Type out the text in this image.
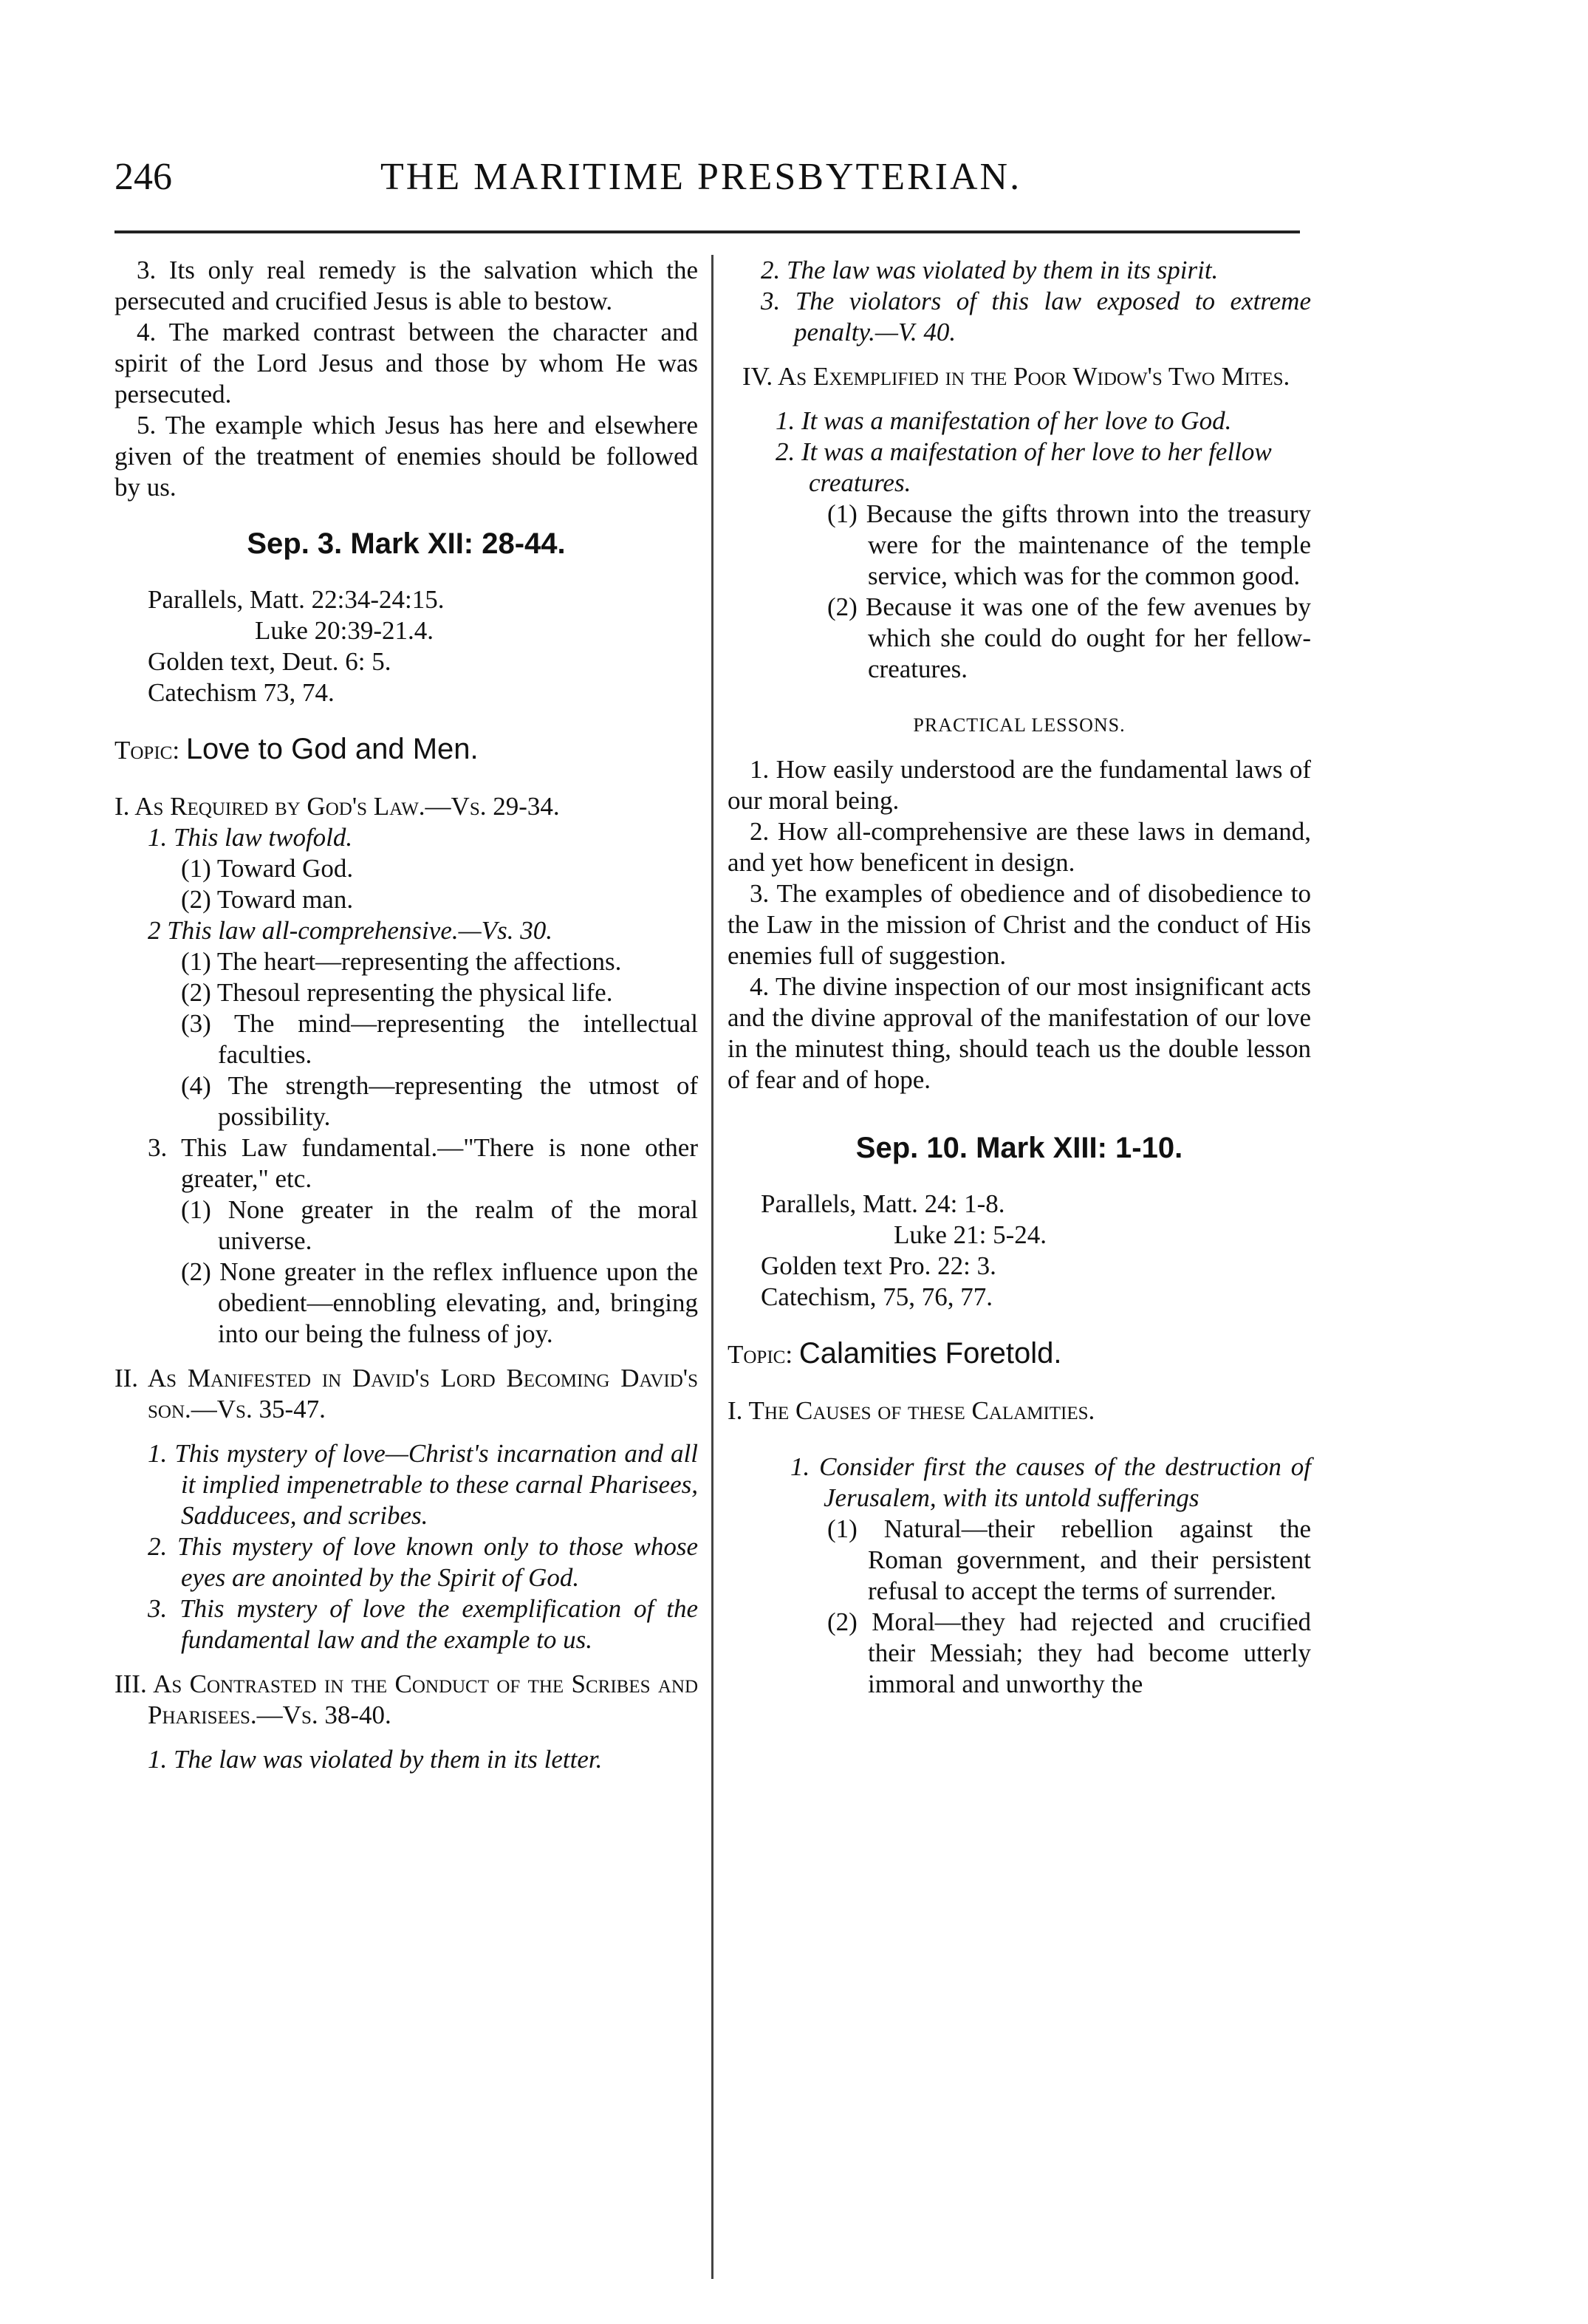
246	THE MARITIME PRESBYTERIAN.

3. Its only real remedy is the salvation which the persecuted and crucified Jesus is able to bestow.

4. The marked contrast between the character and spirit of the Lord Jesus and those by whom He was persecuted.

5. The example which Jesus has here and elsewhere given of the treatment of enemies should be followed by us.

Sep. 3. Mark XII: 28-44.

Parallels, Matt. 22:34-24:15.

Luke 20:39-21.4.

Golden text, Deut. 6: 5.

Catechism 73, 74.

Topic: Love to God and Men.

I. As Required by God's Law.—Vs. 29-34.

1. This law twofold.

(1) Toward God.

(2) Toward man.

2 This law all-comprehensive.—Vs. 30.

(1) The heart—representing the affections.

(2) Thesoul representing the physical life.

(3) The mind—representing the intellectual faculties.

(4) The strength—representing the utmost of possibility.

3. This Law fundamental.—"There is none other greater," etc.

(1) None greater in the realm of the moral universe.

(2) None greater in the reflex influence upon the obedient—ennobling elevating, and, bringing into our being the fulness of joy.

II. As Manifested in David's Lord Becoming David's son.—Vs. 35-47.

1. This mystery of love—Christ's incarnation and all it implied impenetrable to these carnal Pharisees, Sadducees, and scribes.

2. This mystery of love known only to those whose eyes are anointed by the Spirit of God.

3. This mystery of love the exemplification of the fundamental law and the example to us.

III. As Contrasted in the Conduct of the Scribes and Pharisees.—Vs. 38-40.

1. The law was violated by them in its letter.

2. The law was violated by them in its spirit.

3. The violators of this law exposed to extreme penalty.—V. 40.

IV. As Exemplified in the Poor Widow's Two Mites.

1. It was a manifestation of her love to God.

2. It was a maifestation of her love to her fellow creatures.

(1) Because the gifts thrown into the treasury were for the maintenance of the temple service, which was for the common good.

(2) Because it was one of the few avenues by which she could do ought for her fellow-creatures.

PRACTICAL LESSONS.

1. How easily understood are the fundamental laws of our moral being.

2. How all-comprehensive are these laws in demand, and yet how beneficent in design.

3. The examples of obedience and of disobedience to the Law in the mission of Christ and the conduct of His enemies full of suggestion.

4. The divine inspection of our most insignificant acts and the divine approval of the manifestation of our love in the minutest thing, should teach us the double lesson of fear and of hope.

Sep. 10. Mark XIII: 1-10.

Parallels, Matt. 24: 1-8.

Luke 21: 5-24.

Golden text Pro. 22: 3.

Catechism, 75, 76, 77.

Topic: Calamities Foretold.

I. The Causes of these Calamities.

1. Consider first the causes of the destruction of Jerusalem, with its untold sufferings

(1) Natural—their rebellion against the Roman government, and their persistent refusal to accept the terms of surrender.

(2) Moral—they had rejected and crucified their Messiah; they had become utterly immoral and unworthy the
